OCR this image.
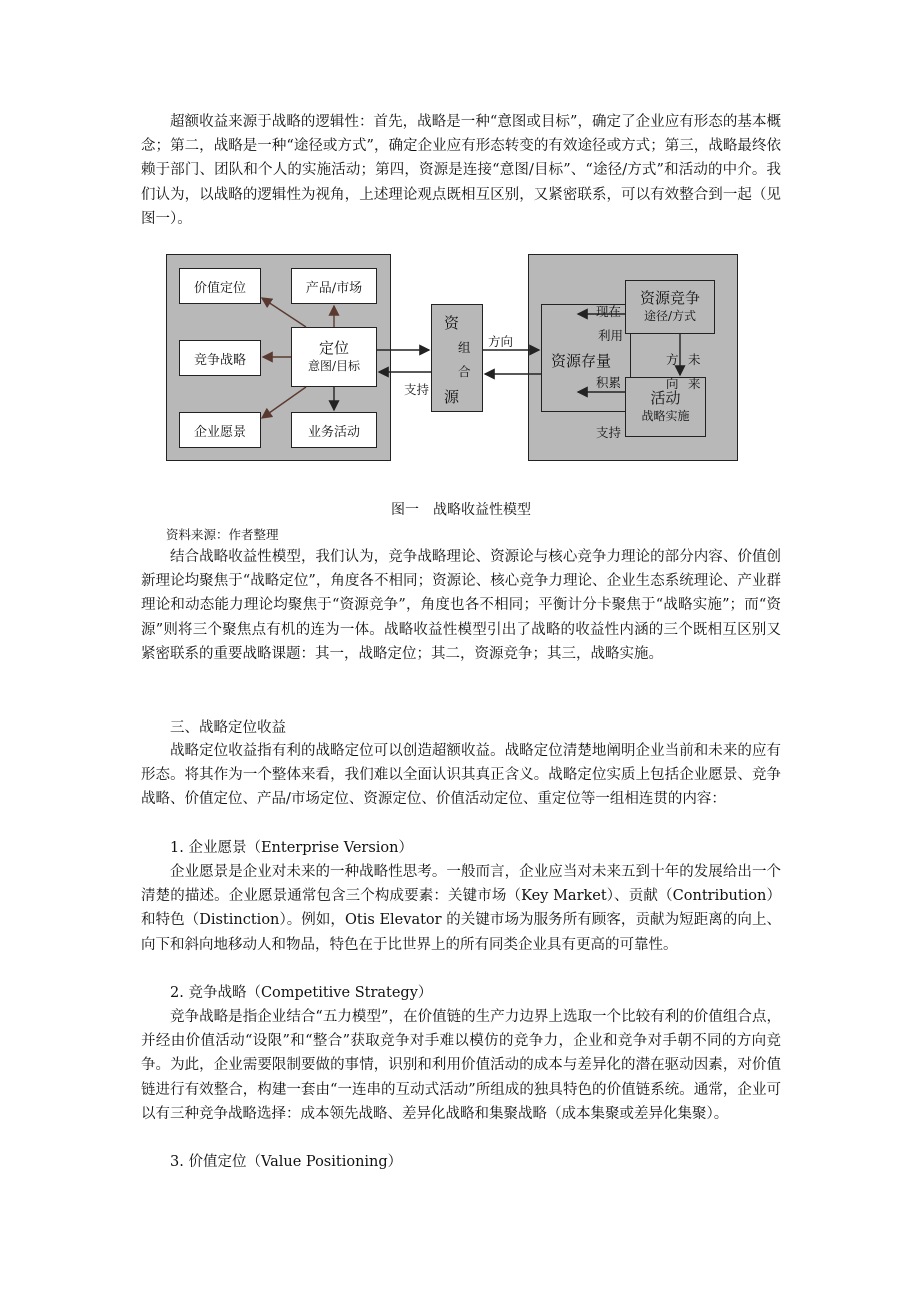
超额收益来源于战略的逻辑性：首先，战略是一种“意图或目标”，确定了企业应有形态的基本概念；第二，战略是一种“途径或方式”，确定企业应有形态转变的有效途径或方式；第三，战略最终依赖于部门、团队和个人的实施活动；第四，资源是连接“意图/目标”、“途径/方式”和活动的中介。我们认为，以战略的逻辑性为视角，上述理论观点既相互区别，又紧密联系，可以有效整合到一起（见图一）。

价值定位	产品/市场
竞争战略
企业愿景	业务活动
定位
意图/目标
资
组
合
源
支持
方向
资源存量
资源竞争
途径/方式
活动
战略实施
现在
利用
积累
方
向
未
来
支持
图一　战略收益性模型
资料来源：作者整理

结合战略收益性模型，我们认为，竞争战略理论、资源论与核心竞争力理论的部分内容、价值创新理论均聚焦于“战略定位”，角度各不相同；资源论、核心竞争力理论、企业生态系统理论、产业群理论和动态能力理论均聚焦于“资源竞争”，角度也各不相同；平衡计分卡聚焦于“战略实施”；而“资源”则将三个聚焦点有机的连为一体。战略收益性模型引出了战略的收益性内涵的三个既相互区别又紧密联系的重要战略课题：其一，战略定位；其二，资源竞争；其三，战略实施。

三、战略定位收益

战略定位收益指有利的战略定位可以创造超额收益。战略定位清楚地阐明企业当前和未来的应有形态。将其作为一个整体来看，我们难以全面认识其真正含义。战略定位实质上包括企业愿景、竞争战略、价值定位、产品/市场定位、资源定位、价值活动定位、重定位等一组相连贯的内容：

1. 企业愿景（Enterprise Version）

企业愿景是企业对未来的一种战略性思考。一般而言，企业应当对未来五到十年的发展给出一个清楚的描述。企业愿景通常包含三个构成要素：关键市场（Key Market）、贡献（Contribution）和特色（Distinction）。例如，Otis Elevator 的关键市场为服务所有顾客，贡献为短距离的向上、向下和斜向地移动人和物品，特色在于比世界上的所有同类企业具有更高的可靠性。

2. 竞争战略（Competitive Strategy）

竞争战略是指企业结合“五力模型”，在价值链的生产力边界上选取一个比较有利的价值组合点，并经由价值活动“设限”和“整合”获取竞争对手难以模仿的竞争力，企业和竞争对手朝不同的方向竞争。为此，企业需要限制要做的事情，识别和利用价值活动的成本与差异化的潜在驱动因素，对价值链进行有效整合，构建一套由“一连串的互动式活动”所组成的独具特色的价值链系统。通常，企业可以有三种竞争战略选择：成本领先战略、差异化战略和集聚战略（成本集聚或差异化集聚）。

3. 价值定位（Value Positioning）
